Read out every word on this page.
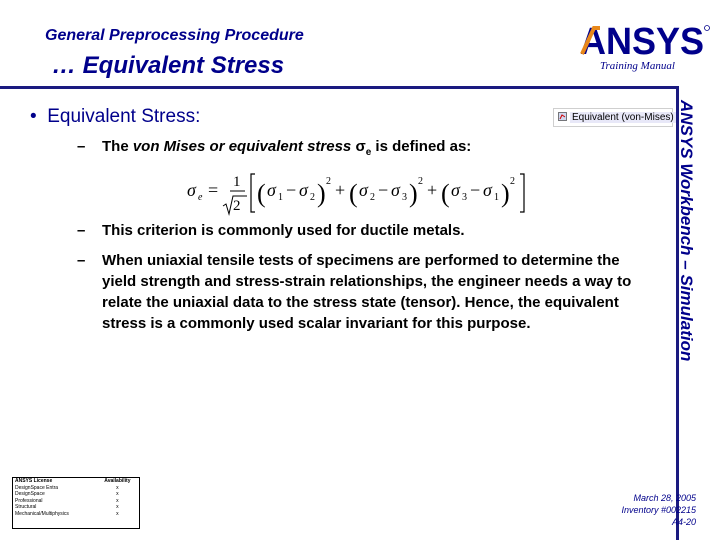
General Preprocessing Procedure
… Equivalent Stress
ANSYS
Training Manual
ANSYS Workbench – Simulation
•  Equivalent Stress:	Equivalent (von-Mises)
– The von Mises or equivalent stress $\sigma_e$ is defined as:
σ e = 1
2 ( σ 1 − σ 2 ) 2 + ( σ 2 − σ 3 ) 2 + ( σ 3 − σ 1 ) 2
– This criterion is commonly used for ductile metals.
– When uniaxial tensile tests of specimens are performed to determine the yield strength and stress-strain relationships, the engineer needs a way to relate the uniaxial data to the stress state (tensor). Hence, the equivalent stress is a commonly used scalar invariant for this purpose.
ANSYS License	Availability
DesignSpace Entra	x
DesignSpace	x
Professional	x
Structural	x
Mechanical/Multiphysics	x
March 28, 2005
Inventory #002215
A4-20
